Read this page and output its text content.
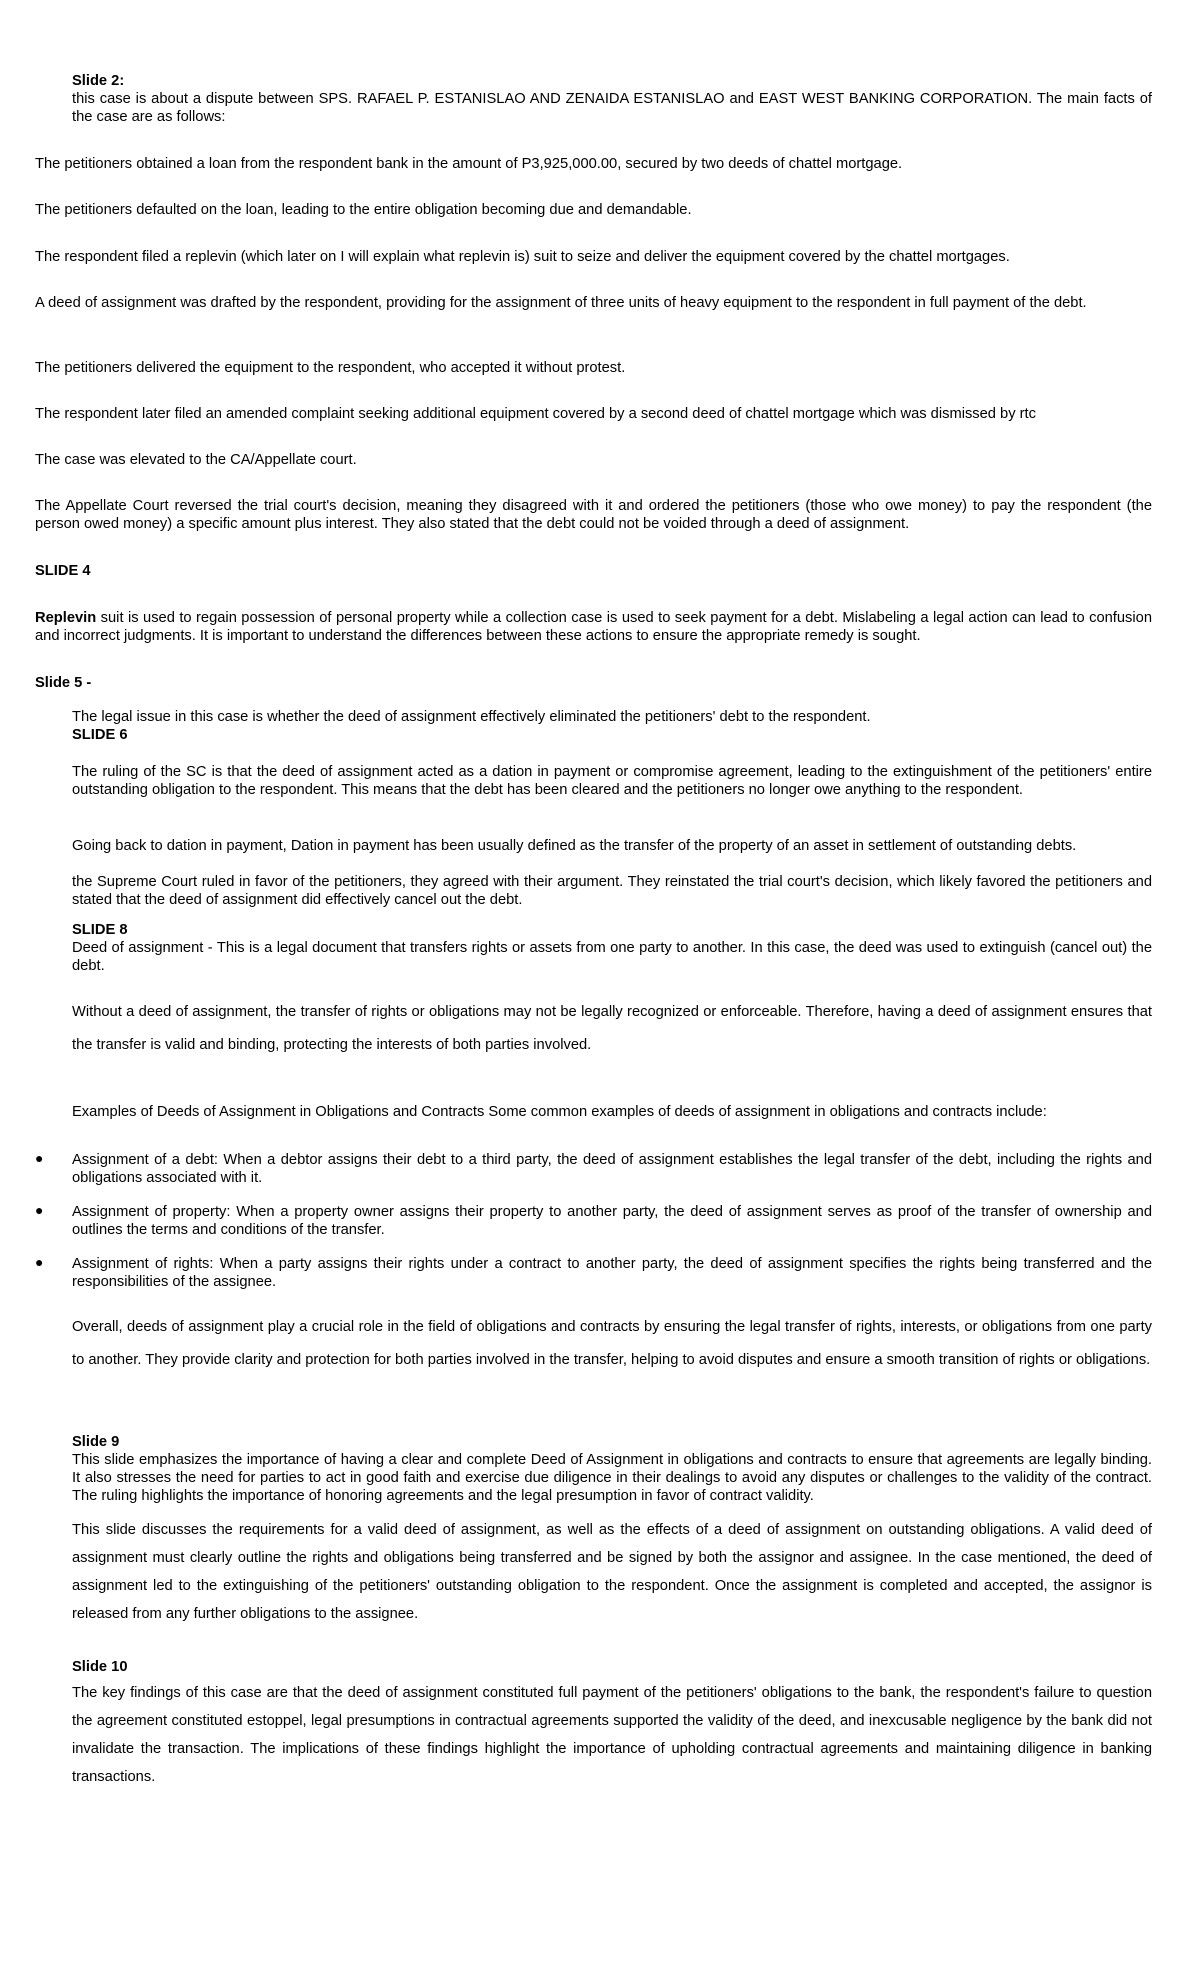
Slide 2:

this case is about a dispute between SPS. RAFAEL P. ESTANISLAO AND ZENAIDA ESTANISLAO and EAST WEST BANKING CORPORATION. The main facts of the case are as follows:

The petitioners obtained a loan from the respondent bank in the amount of P3,925,000.00, secured by two deeds of chattel mortgage.

The petitioners defaulted on the loan, leading to the entire obligation becoming due and demandable.

The respondent filed a replevin (which later on I will explain what replevin is) suit to seize and deliver the equipment covered by the chattel mortgages.

A deed of assignment was drafted by the respondent, providing for the assignment of three units of heavy equipment to the respondent in full payment of the debt.

The petitioners delivered the equipment to the respondent, who accepted it without protest.

The respondent later filed an amended complaint seeking additional equipment covered by a second deed of chattel mortgage which was dismissed by rtc

The case was elevated to the CA/Appellate court.

The Appellate Court reversed the trial court's decision, meaning they disagreed with it and ordered the petitioners (those who owe money) to pay the respondent (the person owed money) a specific amount plus interest. They also stated that the debt could not be voided through a deed of assignment.

SLIDE 4

Replevin suit is used to regain possession of personal property while a collection case is used to seek payment for a debt. Mislabeling a legal action can lead to confusion and incorrect judgments. It is important to understand the differences between these actions to ensure the appropriate remedy is sought.

Slide 5 -

The legal issue in this case is whether the deed of assignment effectively eliminated the petitioners' debt to the respondent.

SLIDE 6

The ruling of the SC is that the deed of assignment acted as a dation in payment or compromise agreement, leading to the extinguishment of the petitioners' entire outstanding obligation to the respondent. This means that the debt has been cleared and the petitioners no longer owe anything to the respondent.

Going back to dation in payment, Dation in payment has been usually defined as the transfer of the property of an asset in settlement of outstanding debts.

the Supreme Court ruled in favor of the petitioners, they agreed with their argument. They reinstated the trial court's decision, which likely favored the petitioners and stated that the deed of assignment did effectively cancel out the debt.

SLIDE 8

Deed of assignment - This is a legal document that transfers rights or assets from one party to another. In this case, the deed was used to extinguish (cancel out) the debt.

Without a deed of assignment, the transfer of rights or obligations may not be legally recognized or enforceable. Therefore, having a deed of assignment ensures that the transfer is valid and binding, protecting the interests of both parties involved.

Examples of Deeds of Assignment in Obligations and Contracts Some common examples of deeds of assignment in obligations and contracts include:

● Assignment of a debt: When a debtor assigns their debt to a third party, the deed of assignment establishes the legal transfer of the debt, including the rights and obligations associated with it.

● Assignment of property: When a property owner assigns their property to another party, the deed of assignment serves as proof of the transfer of ownership and outlines the terms and conditions of the transfer.

● Assignment of rights: When a party assigns their rights under a contract to another party, the deed of assignment specifies the rights being transferred and the responsibilities of the assignee.

Overall, deeds of assignment play a crucial role in the field of obligations and contracts by ensuring the legal transfer of rights, interests, or obligations from one party to another. They provide clarity and protection for both parties involved in the transfer, helping to avoid disputes and ensure a smooth transition of rights or obligations.

Slide 9

This slide emphasizes the importance of having a clear and complete Deed of Assignment in obligations and contracts to ensure that agreements are legally binding. It also stresses the need for parties to act in good faith and exercise due diligence in their dealings to avoid any disputes or challenges to the validity of the contract. The ruling highlights the importance of honoring agreements and the legal presumption in favor of contract validity.

This slide discusses the requirements for a valid deed of assignment, as well as the effects of a deed of assignment on outstanding obligations. A valid deed of assignment must clearly outline the rights and obligations being transferred and be signed by both the assignor and assignee. In the case mentioned, the deed of assignment led to the extinguishing of the petitioners' outstanding obligation to the respondent. Once the assignment is completed and accepted, the assignor is released from any further obligations to the assignee.

Slide 10

The key findings of this case are that the deed of assignment constituted full payment of the petitioners' obligations to the bank, the respondent's failure to question the agreement constituted estoppel, legal presumptions in contractual agreements supported the validity of the deed, and inexcusable negligence by the bank did not invalidate the transaction. The implications of these findings highlight the importance of upholding contractual agreements and maintaining diligence in banking transactions.
